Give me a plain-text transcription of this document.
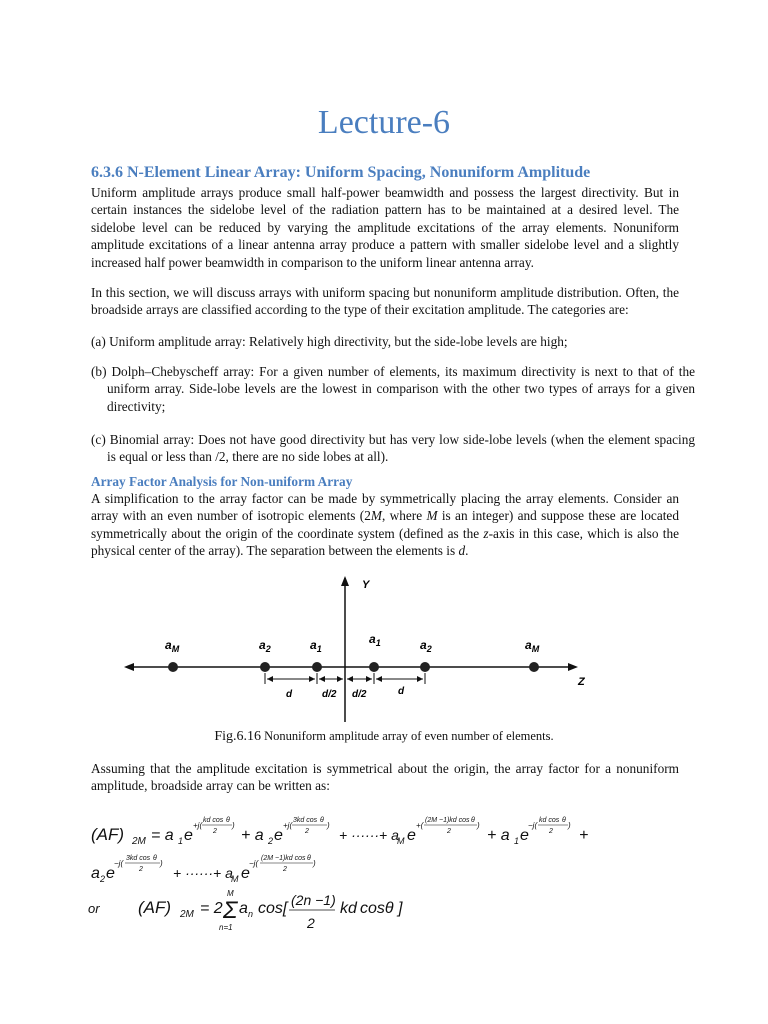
Lecture-6
6.3.6 N-Element Linear Array: Uniform Spacing, Nonuniform Amplitude
Uniform amplitude arrays produce small half-power beamwidth and possess the largest directivity. But in certain instances the sidelobe level of the radiation pattern has to be maintained at a desired level. The sidelobe level can be reduced by varying the amplitude excitations of the array elements. Nonuniform amplitude excitations of a linear antenna array produce a pattern with smaller sidelobe level and a slightly increased half power beamwidth in comparison to the uniform linear antenna array.
In this section, we will discuss arrays with uniform spacing but nonuniform amplitude distribution. Often, the broadside arrays are classified according to the type of their excitation amplitude. The categories are:
(a) Uniform amplitude array: Relatively high directivity, but the side-lobe levels are high;
(b) Dolph–Chebyscheff array: For a given number of elements, its maximum directivity is next to that of the uniform array. Side-lobe levels are the lowest in comparison with the other two types of arrays for a given directivity;
(c) Binomial array: Does not have good directivity but has very low side-lobe levels (when the element spacing is equal or less than /2, there are no side lobes at all).
Array Factor Analysis for Non-uniform Array
A simplification to the array factor can be made by symmetrically placing the array elements. Consider an array with an even number of isotropic elements (2M, where M is an integer) and suppose these are located symmetrically about the origin of the coordinate system (defined as the z-axis in this case, which is also the physical center of the array). The separation between the elements is d.
Y
Z
$a_M$	$a_2$	$a_1$
$a_1$	$a_2$	$a_M$
d	d/2 d/2	d
Fig.6.16 Nonuniform amplitude array of even number of elements.
Assuming that the amplitude excitation is symmetrical about the origin, the array factor for a nonuniform amplitude, broadside array can be written as:
(AF) 2M = a 1 e
+j(
kd cos θ
2
)
+ a 2 e
+j(
3kd cos θ
2
)
+ ······+ a
M e
+(
(2M −1)kd cos θ
2
)
+ a 1 e
−j(
kd cos θ
2
)
+
a 2 e
−j(
3kd cos θ
2
)
+ ······+ a
M e
−j(
(2M −1)kd cos θ
2
)
or (AF) 2M = 2 Σ
M
n=1
a n cos[ (2n −1)
2
kd cosθ ]
